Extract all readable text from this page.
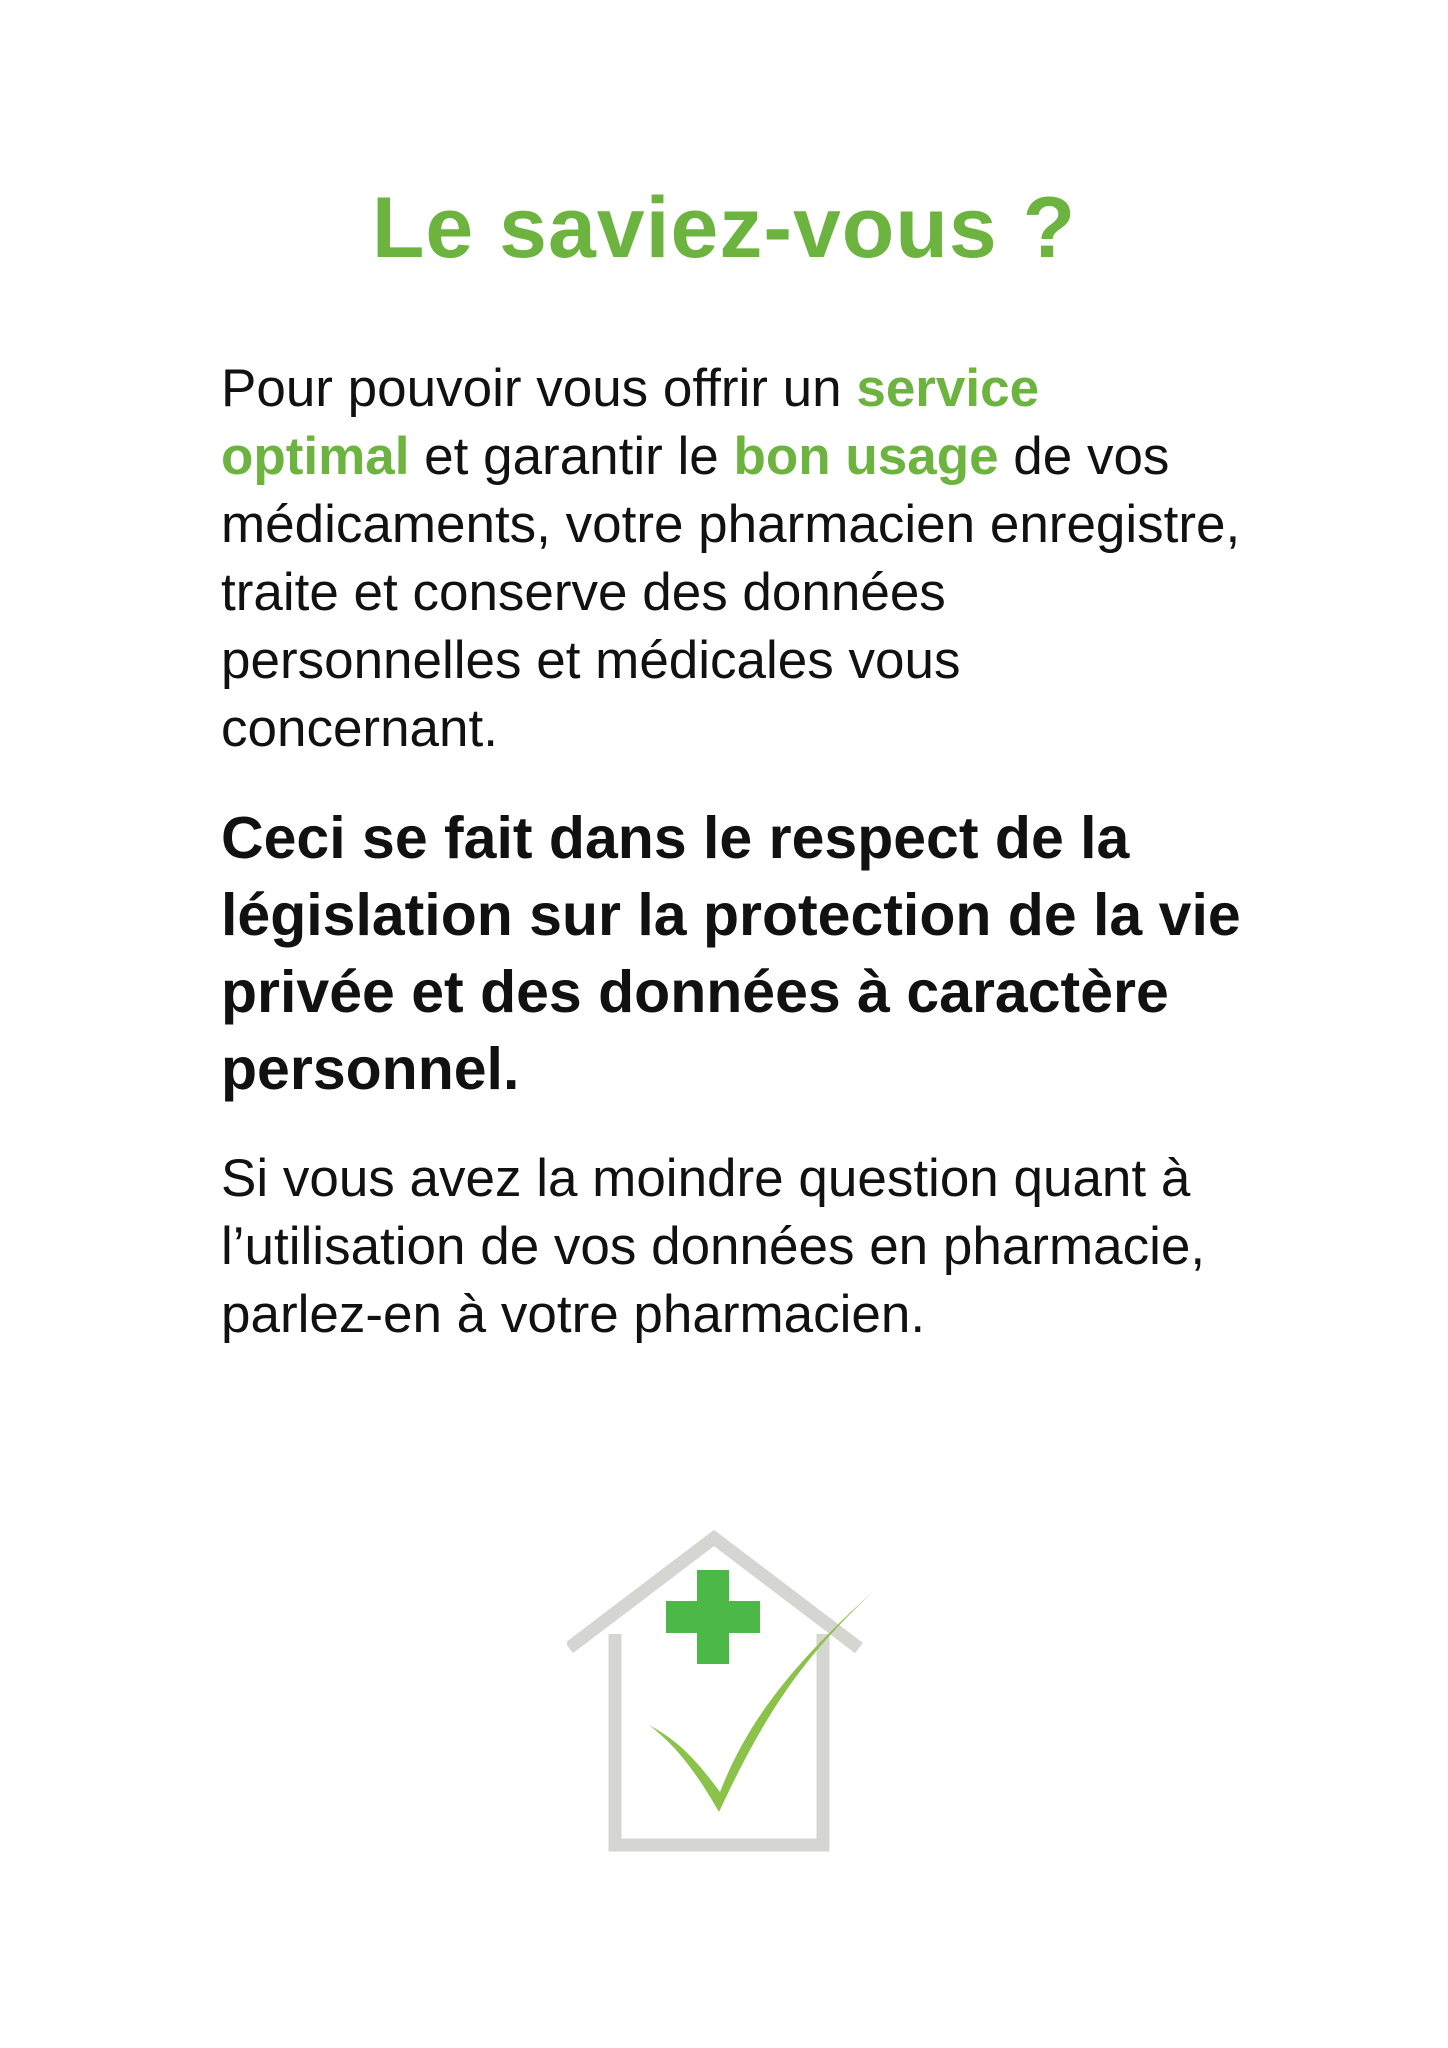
Le saviez-vous ?

Pour pouvoir vous offrir un service optimal et garantir le bon usage de vos médicaments, votre pharmacien enregistre, traite et conserve des données personnelles et médicales vous concernant.

Ceci se fait dans le respect de la législation sur la protection de la vie privée et des données à caractère personnel.

Si vous avez la moindre question quant à l’utilisation de vos données en pharmacie, parlez-en à votre pharmacien.
